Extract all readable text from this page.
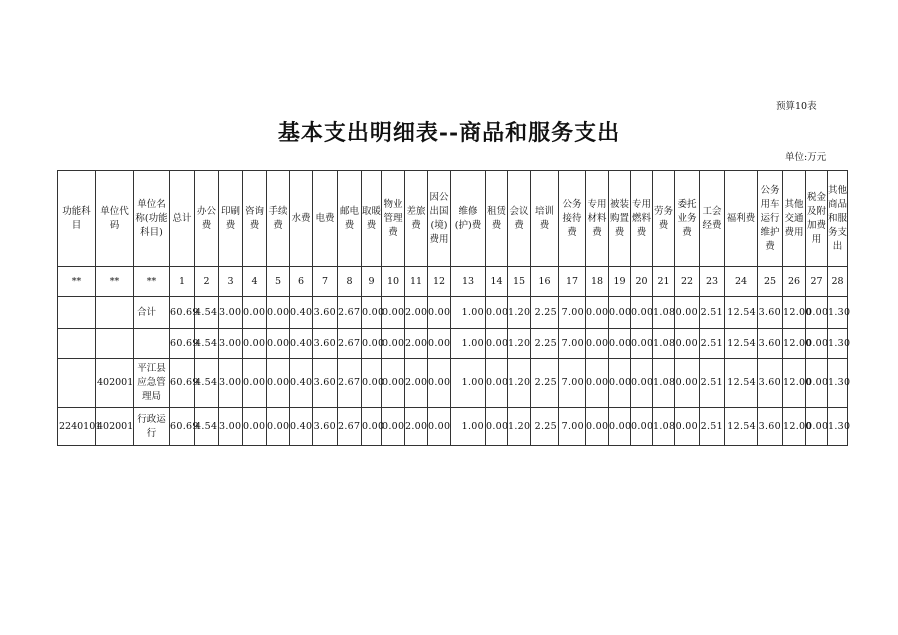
预算10表
基本支出明细表--商品和服务支出
单位:万元
功能科目	单位代码	单位名称(功能科目)	总计	办公费	印刷费	咨询费	手续费	水费	电费	邮电费	取暖费	物业管理费	差旅费	因公出国(境)费用	维修(护)费	租赁费	会议费	培训费	公务接待费	专用材料费	被装购置费	专用燃料费	劳务费	委托业务费	工会经费	福利费	公务用车运行维护费	其他交通费用	税金及附加费用	其他商品和服务支出
**	**	**	1	2	3	4	5	6	7	8	9	10	11	12	13	14	15	16	17	18	19	20	21	22	23	24	25	26	27	28
		合计	60.69	4.54	3.00	0.00	0.00	0.40	3.60	2.67	0.00	0.00	2.00	0.00	1.00	0.00	1.20	2.25	7.00	0.00	0.00	0.00	1.08	0.00	2.51	12.54	3.60	12.00	0.00	1.30
			60.69	4.54	3.00	0.00	0.00	0.40	3.60	2.67	0.00	0.00	2.00	0.00	1.00	0.00	1.20	2.25	7.00	0.00	0.00	0.00	1.08	0.00	2.51	12.54	3.60	12.00	0.00	1.30
	402001	平江县应急管理局	60.69	4.54	3.00	0.00	0.00	0.40	3.60	2.67	0.00	0.00	2.00	0.00	1.00	0.00	1.20	2.25	7.00	0.00	0.00	0.00	1.08	0.00	2.51	12.54	3.60	12.00	0.00	1.30
2240101	402001	行政运行	60.69	4.54	3.00	0.00	0.00	0.40	3.60	2.67	0.00	0.00	2.00	0.00	1.00	0.00	1.20	2.25	7.00	0.00	0.00	0.00	1.08	0.00	2.51	12.54	3.60	12.00	0.00	1.30
